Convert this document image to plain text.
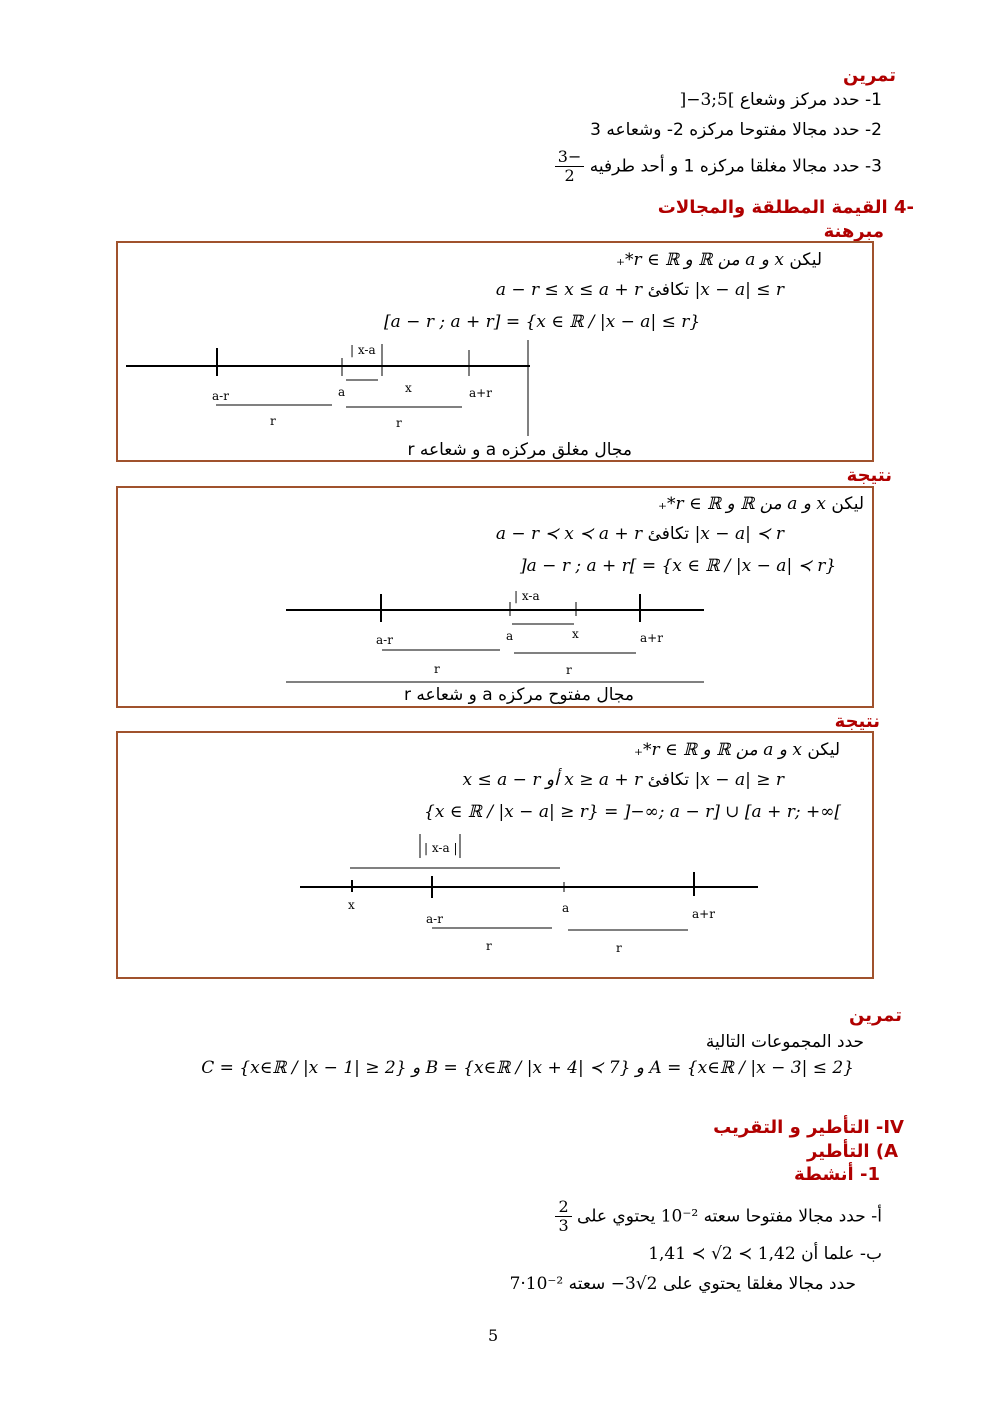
تمرين
1- حدد مركز وشعاع ]−3;5[
2- حدد مجالا مفتوحا مركزه 2- وشعاعه 3
3- حدد مجالا مغلقا مركزه 1 و أحد طرفيه
$\frac{-3}{2}$
-4 القيمة المطلقة والمجالات
مبرهنة
ليكن x و a من ℝ و r ∈ ℝ*₊
|x − a| ≤ r تكافئ a − r ≤ x ≤ a + r
[a − r ; a + r] = {x ∈ ℝ / |x − a| ≤ r}
| x-a
a-r	a	x	a+r
r	r
مجال مغلق مركزه a و شعاعه r
نتيجة
ليكن x و a من ℝ و r ∈ ℝ*₊
|x − a| ≺ r تكافئ a − r ≺ x ≺ a + r
]a − r ; a + r[ = {x ∈ ℝ / |x − a| ≺ r}
| x-a
a-r	a	x	a+r
r	r
مجال مفتوح مركزه a و شعاعه r
نتيجة
ليكن x و a من ℝ و r ∈ ℝ*₊
|x − a| ≥ r تكافئ x ≥ a + r أو x ≤ a − r
{x ∈ ℝ / |x − a| ≥ r} = ]−∞; a − r] ∪ [a + r; +∞[
| x-a |
x
a-r
a	a+r
r	r
تمرين
حدد المجموعات التالية
A = {x∈ℝ / |x − 3| ≤ 2} و B = {x∈ℝ / |x + 4| ≺ 7} و C = {x∈ℝ / |x − 1| ≥ 2}
IV- التأطير و التقريب
A) التأطير
1- أنشطة
أ- حدد مجالا مفتوحا سعته 10⁻² يحتوي على
$\frac{2}{3}$
ب- علما أن 1,41 ≺ √2 ≺ 1,42
حدد مجالا مغلقا يحتوي على −3√2 سعته 7·10⁻²
5
